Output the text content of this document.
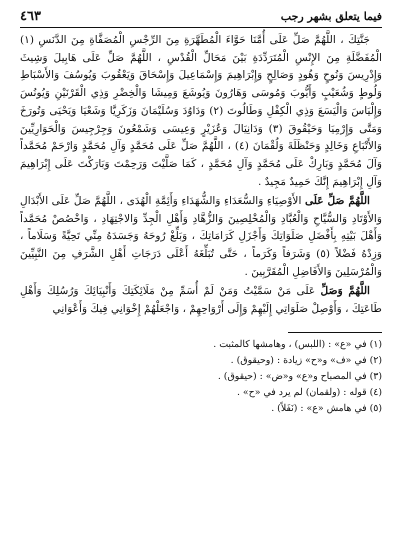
فيما يتعلق بشهر رجب
٤٦٣

جَنَّتِكَ ، اللَّهُمَّ صَلِّ عَلَى أُمَّنَا حَوَّاءَ الْمُطَهَّرَةِ مِنَ الرِّجْسِ الْمُصَفَّاةِ مِنَ الدَّنَسِ (١) الْمُفَضَّلَةِ مِنَ الإِنْسِ الْمُتَرَدِّدَةِ بَيْنَ مَحَالِّ الْقُدْسِ ، اللَّهُمَّ صَلِّ عَلَى هَابِيلَ وَشِيثَ وَإِدْرِيسَ وَنُوحٍ وَهُودٍ وَصَالِحٍ وَإِبْرَاهِيمَ وَإِسْمَاعِيلَ وَإِسْحَاقَ وَيَعْقُوبَ وَيُوسُفَ وَالأَسْبَاطِ وَلُوطٍ وَشُعَيْبٍ وَأَيُّوبَ وَمُوسَى وَهَارُونَ وَيُوشَعَ وَمِيشَا وَالْخِضْرِ وَذِي الْقَرْنَيْنِ وَيُونُسَ وَإِلْيَاسَ وَالْيَسَعَ وَذِي الْكِفْلِ وَطَالُوتَ (٢) وَدَاوُدَ وَسُلَيْمَانَ وَزَكَرِيَّا وَشَعْيَا وَيَحْيَى وَتُورَخَ وَمَتَّى وَإِرْمِيَا وَحَيْقُوقَ (٣) وَدَانِيَالَ وَعُزَيْرٍ وَعِيسَى وَشَمْعُونَ وَجِرْجِيسَ وَالْحَوَارِيِّينَ وَالأَتْبَاعِ وَخَالِدٍ وَحَنْظَلَةَ وَلُقْمَانَ (٤) ، اللَّهُمَّ صَلِّ عَلَى مُحَمَّدٍ وَآلِ مُحَمَّدٍ وَارْحَمْ مُحَمَّداً وَآلَ مُحَمَّدٍ وَبَارِكْ عَلَى مُحَمَّدٍ وَآلِ مُحَمَّدٍ ، كَمَا صَلَّيْتَ وَرَحِمْتَ وَبَارَكْتَ عَلَى إِبْرَاهِيمَ وَآلِ إِبْرَاهِيمَ إِنَّكَ حَمِيدٌ مَجِيدٌ .

اللَّهُمَّ صَلِّ عَلَى الأَوْصِيَاءِ وَالسُّعَدَاءِ وَالشُّهَدَاءِ وَأَئِمَّةِ الْهُدَى ، اللَّهُمَّ صَلِّ عَلَى الأَبْدَالِ وَالأَوْتَادِ وَالسُّيَّاحِ وَالْعُبَّادِ وَالْمُخْلِصِينَ وَالزُّهَّادِ وَأَهْلِ الْجِدِّ وَالاجْتِهَادِ ، وَاخْصُصْ مُحَمَّداً وَأَهْلَ بَيْتِهِ بِأَفْضَلِ صَلَوَاتِكَ وَأَجْزَلِ كَرَامَاتِكَ ، وَبَلِّغْ رُوحَهُ وَجَسَدَهُ مِنِّي تَحِيَّةً وَسَلَاماً ، وَزِدْهُ فَضْلاً (٥) وَشَرَفاً وَكَرَماً ، حَتَّى تُبَلِّغَهُ أَعْلَى دَرَجَاتِ أَهْلِ الشَّرَفِ مِنَ النَّبِيِّينَ وَالْمُرْسَلِينَ وَالأَفَاضِلِ الْمُقَرَّبِينَ .

اللَّهُمَّ وَصَلِّ عَلَى مَنْ سَمَّيْتُ وَمَنْ لَمْ أُسَمِّ مِنْ مَلَائِكَتِكَ وَأَنْبِيَائِكَ وَرُسُلِكَ وَأَهْلِ طَاعَتِكَ ، وَأَوْصِلْ صَلَوَاتِي إِلَيْهِمْ وَإِلَى أَرْوَاحِهِمْ ، وَاجْعَلْهُمْ إِخْوَانِي فِيكَ وَأَعْوَانِي

(١) في «ع» : (اللبس) ، وهامشها كالمثبت .
(٢) في «ف» و«ح» زيادة : (وحيقوق) .
(٣) في المصباح و«ع» و«ض» : (حيقوق) .
(٤) قوله : (ولقمان) لم يرد في «ح» .
(٥) في هامش «ع» : (نَفَلاً) .
